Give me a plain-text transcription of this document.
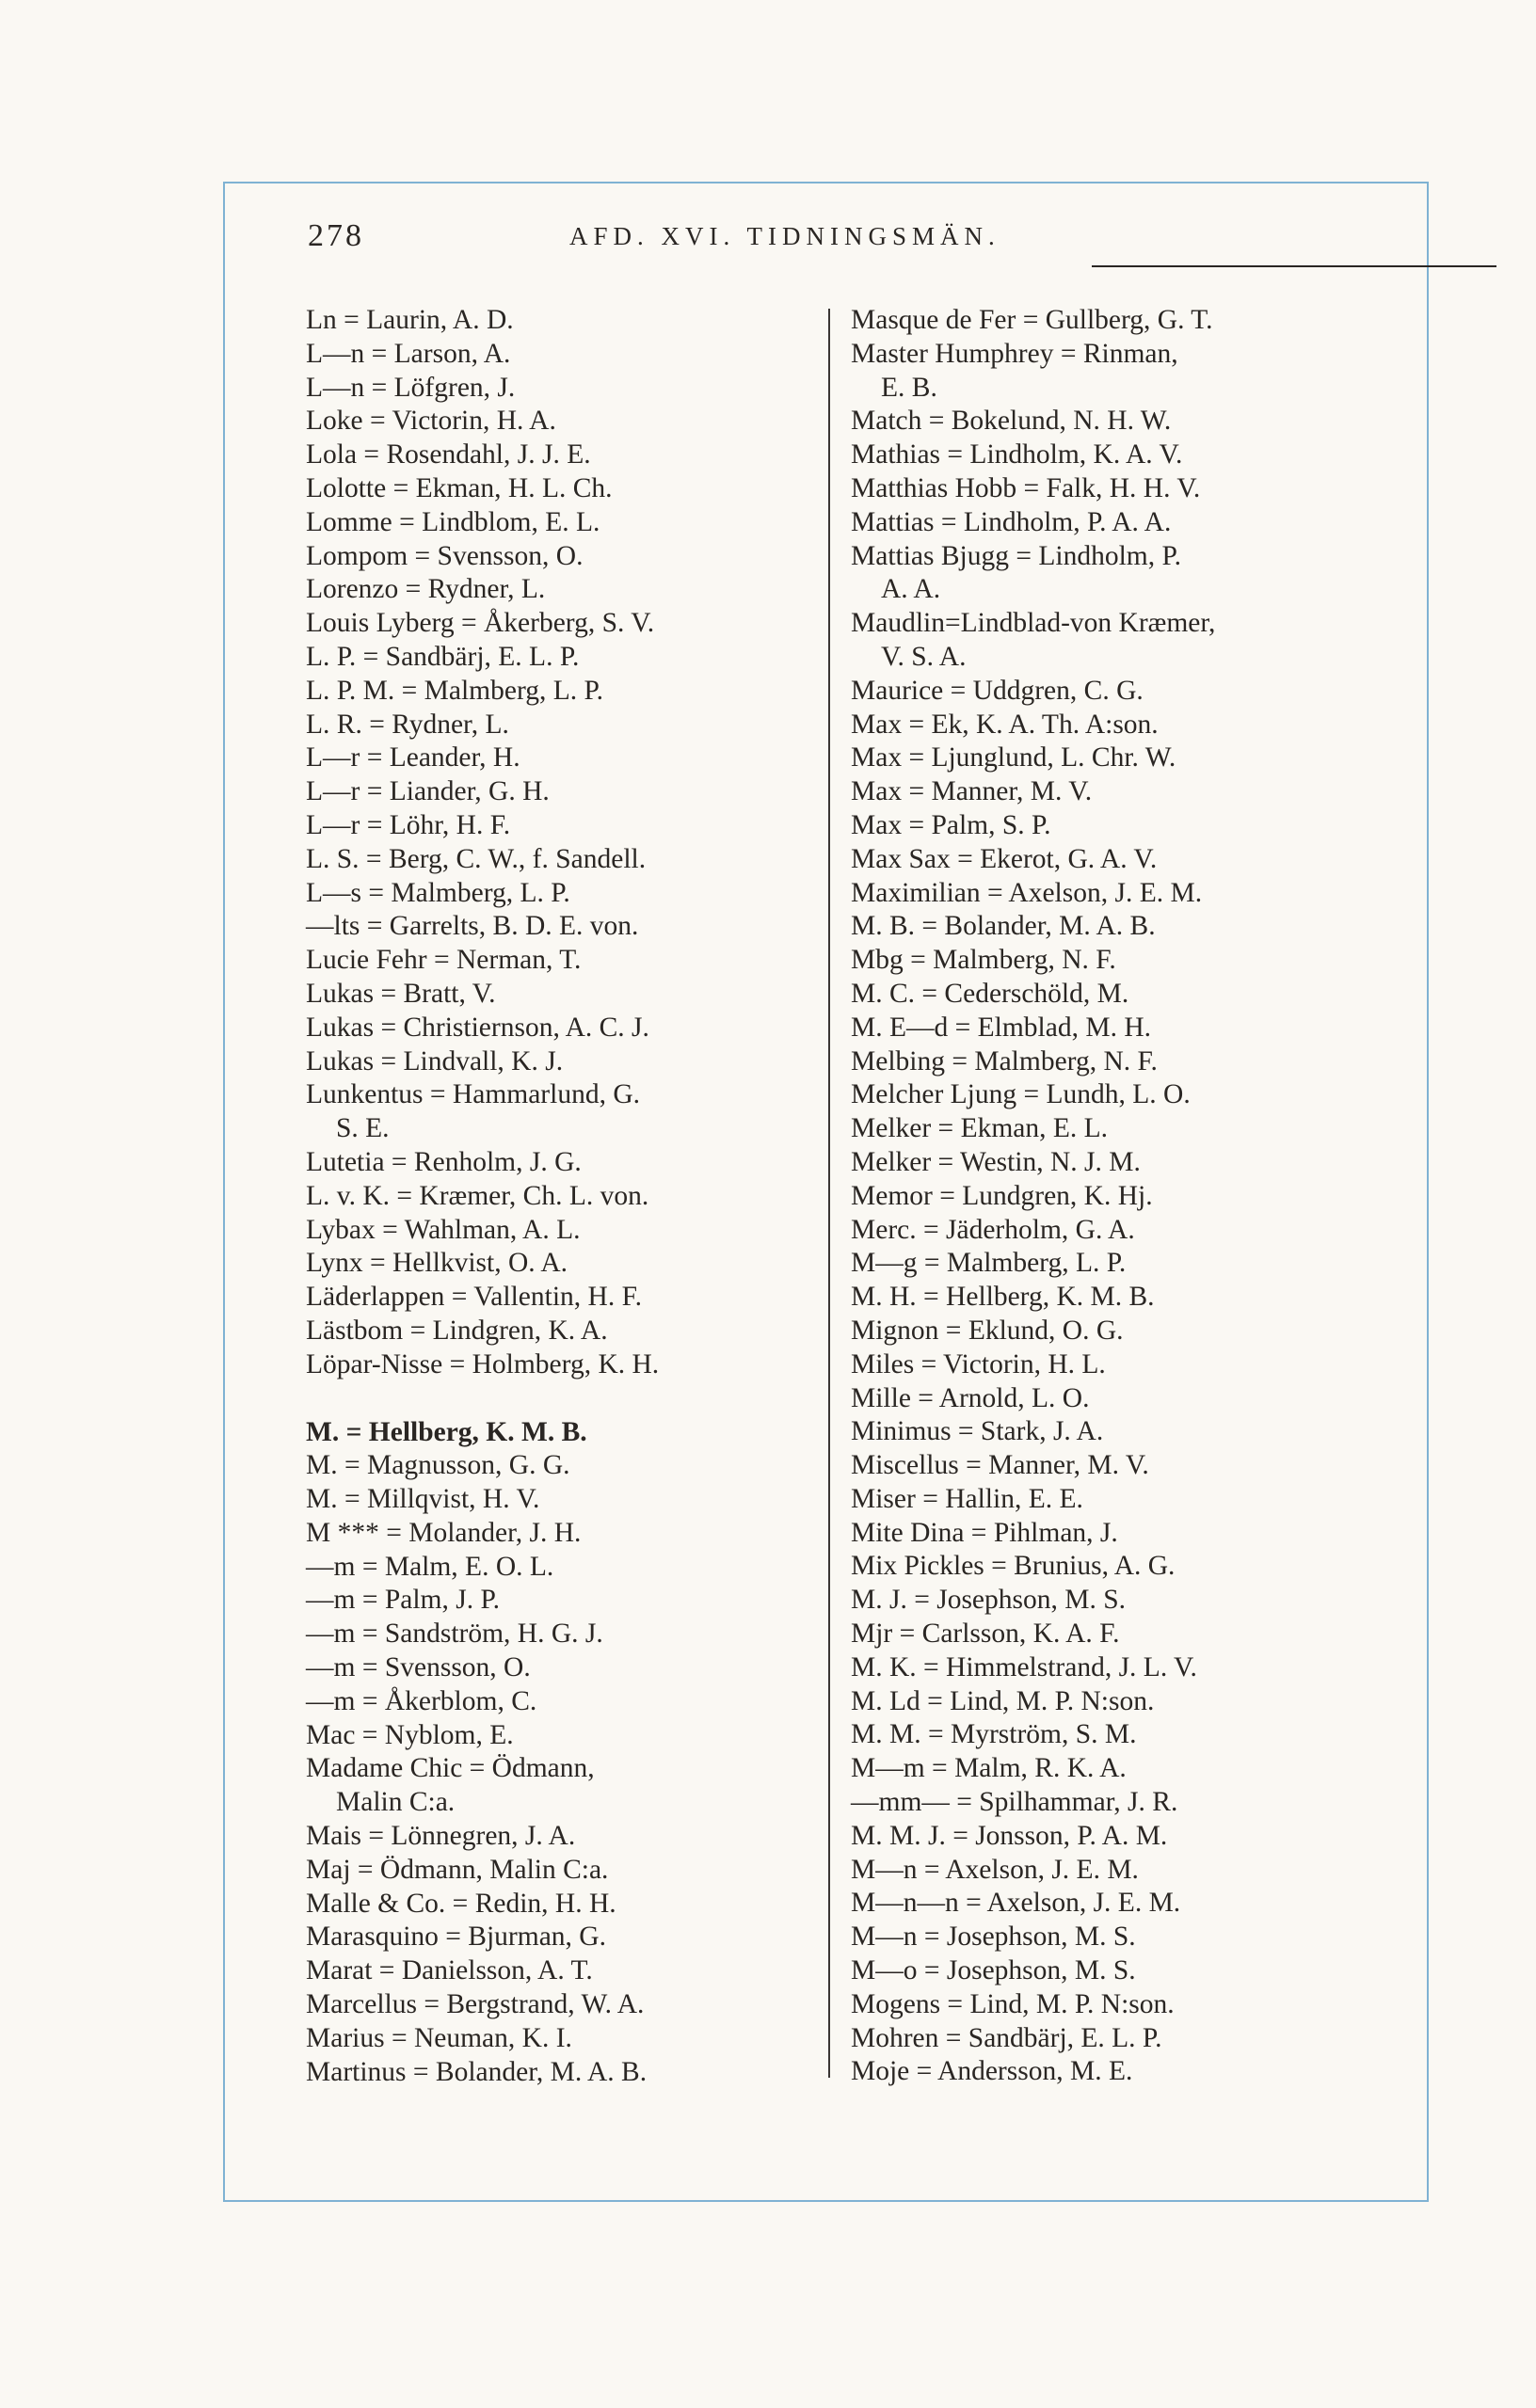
278	AFD. XVI. TIDNINGSMÄN.
Ln = Laurin, A. D.
L—n = Larson, A.
L—n = Löfgren, J.
Loke = Victorin, H. A.
Lola = Rosendahl, J. J. E.
Lolotte = Ekman, H. L. Ch.
Lomme = Lindblom, E. L.
Lompom = Svensson, O.
Lorenzo = Rydner, L.
Louis Lyberg = Åkerberg, S. V.
L. P. = Sandbärj, E. L. P.
L. P. M. = Malmberg, L. P.
L. R. = Rydner, L.
L—r = Leander, H.
L—r = Liander, G. H.
L—r = Löhr, H. F.
L. S. = Berg, C. W., f. Sandell.
L—s = Malmberg, L. P.
—lts = Garrelts, B. D. E. von.
Lucie Fehr = Nerman, T.
Lukas = Bratt, V.
Lukas = Christiernson, A. C. J.
Lukas = Lindvall, K. J.
Lunkentus = Hammarlund, G.
S. E.
Lutetia = Renholm, J. G.
L. v. K. = Kræmer, Ch. L. von.
Lybax = Wahlman, A. L.
Lynx = Hellkvist, O. A.
Läderlappen = Vallentin, H. F.
Lästbom = Lindgren, K. A.
Löpar-Nisse = Holmberg, K. H.
M. = Hellberg, K. M. B.
M. = Magnusson, G. G.
M. = Millqvist, H. V.
M *** = Molander, J. H.
—m = Malm, E. O. L.
—m = Palm, J. P.
—m = Sandström, H. G. J.
—m = Svensson, O.
—m = Åkerblom, C.
Mac = Nyblom, E.
Madame Chic = Ödmann,
Malin C:a.
Mais = Lönnegren, J. A.
Maj = Ödmann, Malin C:a.
Malle & Co. = Redin, H. H.
Marasquino = Bjurman, G.
Marat = Danielsson, A. T.
Marcellus = Bergstrand, W. A.
Marius = Neuman, K. I.
Martinus = Bolander, M. A. B.
Masque de Fer = Gullberg, G. T.
Master Humphrey = Rinman,
E. B.
Match = Bokelund, N. H. W.
Mathias = Lindholm, K. A. V.
Matthias Hobb = Falk, H. H. V.
Mattias = Lindholm, P. A. A.
Mattias Bjugg = Lindholm, P.
A. A.
Maudlin=Lindblad-von Kræmer,
V. S. A.
Maurice = Uddgren, C. G.
Max = Ek, K. A. Th. A:son.
Max = Ljunglund, L. Chr. W.
Max = Manner, M. V.
Max = Palm, S. P.
Max Sax = Ekerot, G. A. V.
Maximilian = Axelson, J. E. M.
M. B. = Bolander, M. A. B.
Mbg = Malmberg, N. F.
M. C. = Cederschöld, M.
M. E—d = Elmblad, M. H.
Melbing = Malmberg, N. F.
Melcher Ljung = Lundh, L. O.
Melker = Ekman, E. L.
Melker = Westin, N. J. M.
Memor = Lundgren, K. Hj.
Merc. = Jäderholm, G. A.
M—g = Malmberg, L. P.
M. H. = Hellberg, K. M. B.
Mignon = Eklund, O. G.
Miles = Victorin, H. L.
Mille = Arnold, L. O.
Minimus = Stark, J. A.
Miscellus = Manner, M. V.
Miser = Hallin, E. E.
Mite Dina = Pihlman, J.
Mix Pickles = Brunius, A. G.
M. J. = Josephson, M. S.
Mjr = Carlsson, K. A. F.
M. K. = Himmelstrand, J. L. V.
M. Ld = Lind, M. P. N:son.
M. M. = Myrström, S. M.
M—m = Malm, R. K. A.
—mm— = Spilhammar, J. R.
M. M. J. = Jonsson, P. A. M.
M—n = Axelson, J. E. M.
M—n—n = Axelson, J. E. M.
M—n = Josephson, M. S.
M—o = Josephson, M. S.
Mogens = Lind, M. P. N:son.
Mohren = Sandbärj, E. L. P.
Moje = Andersson, M. E.
